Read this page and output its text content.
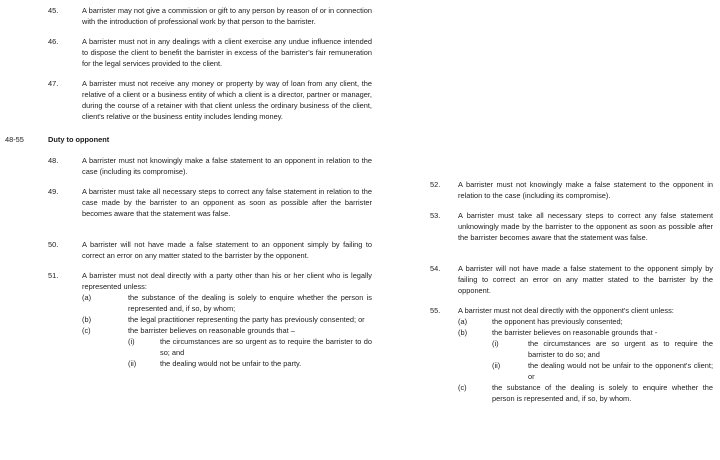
45.	A barrister may not give a commission or gift to any person by reason of or in connection with the introduction of professional work by that person to the barrister.
46.	A barrister must not in any dealings with a client exercise any undue influence intended to dispose the client to benefit the barrister in excess of the barrister's fair remuneration for the legal services provided to the client.
47.	A barrister must not receive any money or property by way of loan from any client, the relative of a client or a business entity of which a client is a director, partner or manager, during the course of a retainer with that client unless the ordinary business of the client, client's relative or the business entity includes lending money.
48-55	Duty to opponent
48.	A barrister must not knowingly make a false statement to an opponent in relation to the case (including its compromise).
49.	A barrister must take all necessary steps to correct any false statement in relation to the case made by the barrister to an opponent as soon as possible after the barrister becomes aware that the statement was false.
50.	A barrister will not have made a false statement to an opponent simply by failing to correct an error on any matter stated to the barrister by the opponent.
51.	A barrister must not deal directly with a party other than his or her client who is legally represented unless:
(a)	the substance of the dealing is solely to enquire whether the person is represented and, if so, by whom;
(b)	the legal practitioner representing the party has previously consented; or
(c)	the barrister believes on reasonable grounds that –
(i)	the circumstances are so urgent as to require the barrister to do so; and
(ii)	the dealing would not be unfair to the party.
52. A barrister must not knowingly make a false statement to the opponent in relation to the case (including its compromise).
53. A barrister must take all necessary steps to correct any false statement unknowingly made by the barrister to the opponent as soon as possible after the barrister becomes aware that the statement was false.
54. A barrister will not have made a false statement to the opponent simply by failing to correct an error on any matter stated to the barrister by the opponent.
55. A barrister must not deal directly with the opponent's client unless:
(a)	the opponent has previously consented;
(b)	the barrister believes on reasonable grounds that -
(i)	the circumstances are so urgent as to require the barrister to do so; and
(ii)	the dealing would not be unfair to the opponent's client; or
(c)	the substance of the dealing is solely to enquire whether the person is represented and, if so, by whom.
